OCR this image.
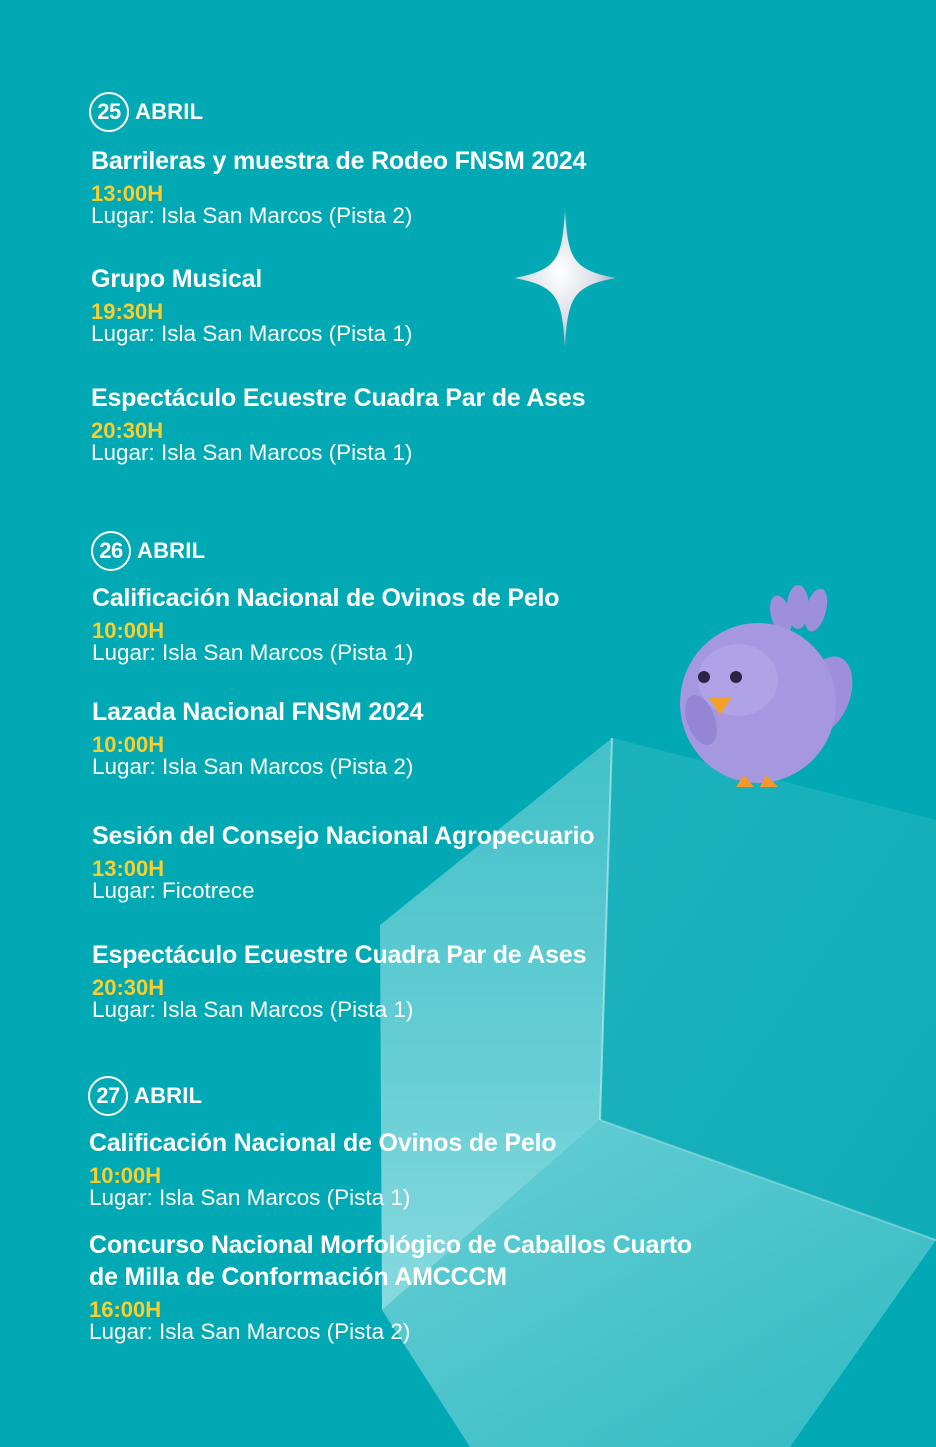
25 ABRIL
Barrileras y muestra de Rodeo FNSM 2024
13:00H
Lugar: Isla San Marcos (Pista 2)
Grupo Musical
19:30H
Lugar: Isla San Marcos (Pista 1)
Espectáculo Ecuestre Cuadra Par de Ases
20:30H
Lugar: Isla San Marcos (Pista 1)
26 ABRIL
Calificación Nacional de Ovinos de Pelo
10:00H
Lugar: Isla San Marcos (Pista 1)
Lazada Nacional FNSM 2024
10:00H
Lugar: Isla San Marcos (Pista 2)
Sesión del Consejo Nacional Agropecuario
13:00H
Lugar: Ficotrece
Espectáculo Ecuestre Cuadra Par de Ases
20:30H
Lugar: Isla San Marcos (Pista 1)
27 ABRIL
Calificación Nacional de Ovinos de Pelo
10:00H
Lugar: Isla San Marcos (Pista 1)
Concurso Nacional Morfológico de Caballos Cuarto
de Milla de Conformación AMCCCM
16:00H
Lugar: Isla San Marcos (Pista 2)
